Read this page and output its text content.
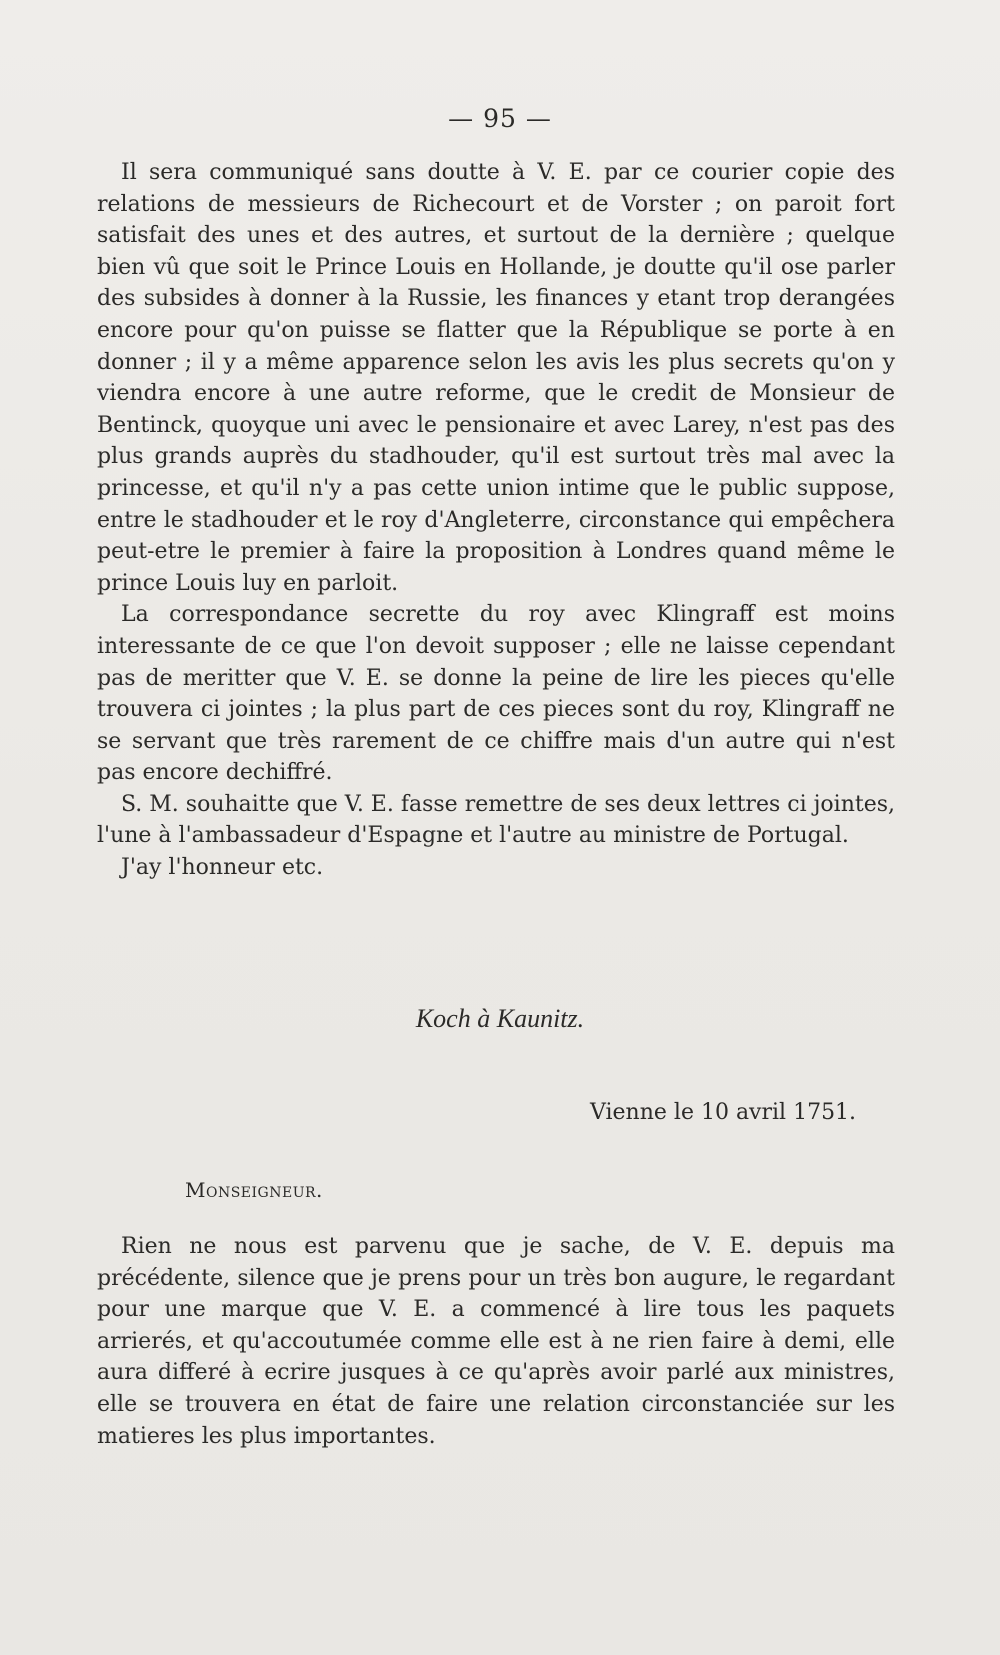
— 95 —

Il sera communiqué sans doutte à V. E. par ce courier copie des relations de messieurs de Richecourt et de Vorster ; on paroit fort satisfait des unes et des autres, et surtout de la dernière ; quelque bien vû que soit le Prince Louis en Hollande, je doutte qu'il ose parler des subsides à donner à la Russie, les finances y etant trop derangées encore pour qu'on puisse se flatter que la République se porte à en donner ; il y a même apparence selon les avis les plus secrets qu'on y viendra encore à une autre reforme, que le credit de Monsieur de Bentinck, quoyque uni avec le pensionaire et avec Larey, n'est pas des plus grands auprès du stadhouder, qu'il est surtout très mal avec la princesse, et qu'il n'y a pas cette union intime que le public suppose, entre le stadhouder et le roy d'Angleterre, circonstance qui empêchera peut-etre le premier à faire la proposition à Londres quand même le prince Louis luy en parloit.

La correspondance secrette du roy avec Klingraff est moins interessante de ce que l'on devoit supposer ; elle ne laisse cependant pas de meritter que V. E. se donne la peine de lire les pieces qu'elle trouvera ci jointes ; la plus part de ces pieces sont du roy, Klingraff ne se servant que très rarement de ce chiffre mais d'un autre qui n'est pas encore dechiffré.

S. M. souhaitte que V. E. fasse remettre de ses deux lettres ci jointes, l'une à l'ambassadeur d'Espagne et l'autre au ministre de Portugal.

J'ay l'honneur etc.

Koch à Kaunitz.
Vienne le 10 avril 1751.
Monseigneur.

Rien ne nous est parvenu que je sache, de V. E. depuis ma précédente, silence que je prens pour un très bon augure, le regardant pour une marque que V. E. a commencé à lire tous les paquets arrierés, et qu'accoutumée comme elle est à ne rien faire à demi, elle aura differé à ecrire jusques à ce qu'après avoir parlé aux ministres, elle se trouvera en état de faire une relation circonstanciée sur les matieres les plus importantes.
